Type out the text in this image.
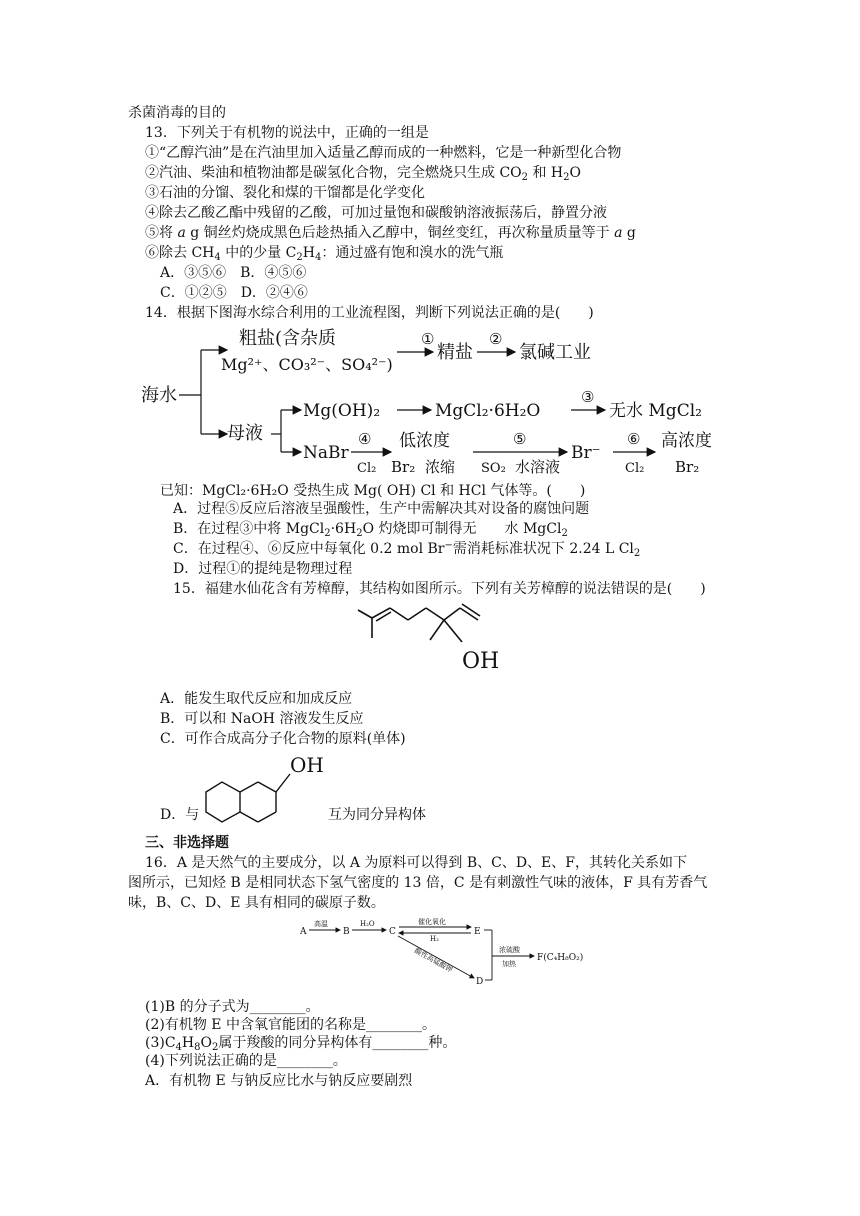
杀菌消毒的目的
13．下列关于有机物的说法中，正确的一组是
①“乙醇汽油”是在汽油里加入适量乙醇而成的一种燃料，它是一种新型化合物
②汽油、柴油和植物油都是碳氢化合物，完全燃烧只生成 $CO_2$ 和 $H_2O$
③石油的分馏、裂化和煤的干馏都是化学变化
④除去乙酸乙酯中残留的乙酸，可加过量饱和碳酸钠溶液振荡后，静置分液
⑤将 a g 铜丝灼烧成黑色后趁热插入乙醇中，铜丝变红，再次称量质量等于 a g
⑥除去 $CH_4$ 中的少量 $C_2H_4$：通过盛有饱和溴水的洗气瓶
A．③⑤⑥　B．④⑤⑥
C．①②⑤　D．②④⑥
14．根据下图海水综合利用的工业流程图，判断下列说法正确的是(　　)
海水
粗盐(含杂质
Mg²⁺、CO₃²⁻、SO₄²⁻)
①
精盐
②
氯碱工业
母液
Mg(OH)₂	MgCl₂·6H₂O
③
无水 MgCl₂
NaBr
④
Cl₂
低浓度
Br₂ 浓缩
⑤
SO₂ 水溶液
Br⁻
⑥
Cl₂
高浓度
Br₂
已知：MgCl₂·6H₂O 受热生成 Mg( OH) Cl 和 HCl 气体等。(　　)
A．过程⑤反应后溶液呈强酸性，生产中需解决其对设备的腐蚀问题
B．在过程③中将 $MgCl_2\cdot 6H_2O$ 灼烧即可制得无　　水 MgCl$_2$
C．在过程④、⑥反应中每氧化 0.2 mol Br−需消耗标准状况下 2.24 L $Cl_2$
D．过程①的提纯是物理过程
15．福建水仙花含有芳樟醇，其结构如图所示。下列有关芳樟醇的说法错误的是(　　)
OH
A．能发生取代反应和加成反应
B．可以和 NaOH 溶液发生反应
C．可作合成高分子化合物的原料(单体)
OH
D．与	互为同分异构体
三、非选择题
16．A 是天然气的主要成分，以 A 为原料可以得到 B、C、D、E、F，其转化关系如下
图所示，已知烃 B 是相同状态下氢气密度的 13 倍，C 是有刺激性气味的液体，F 具有芳香气
味，B、C、D、E 具有相同的碳原子数。
A
高温
B
H₂O
C
催化氧化
H₂
E
酸性高锰酸钾
D
浓硫酸
加热
F(C₄H₈O₂)
(1)B 的分子式为________。
(2)有机物 E 中含氧官能团的名称是________。
$(3)C_4H_8O_2$属于羧酸的同分异构体有________种。
(4)下列说法正确的是________。
A．有机物 E 与钠反应比水与钠反应要剧烈
